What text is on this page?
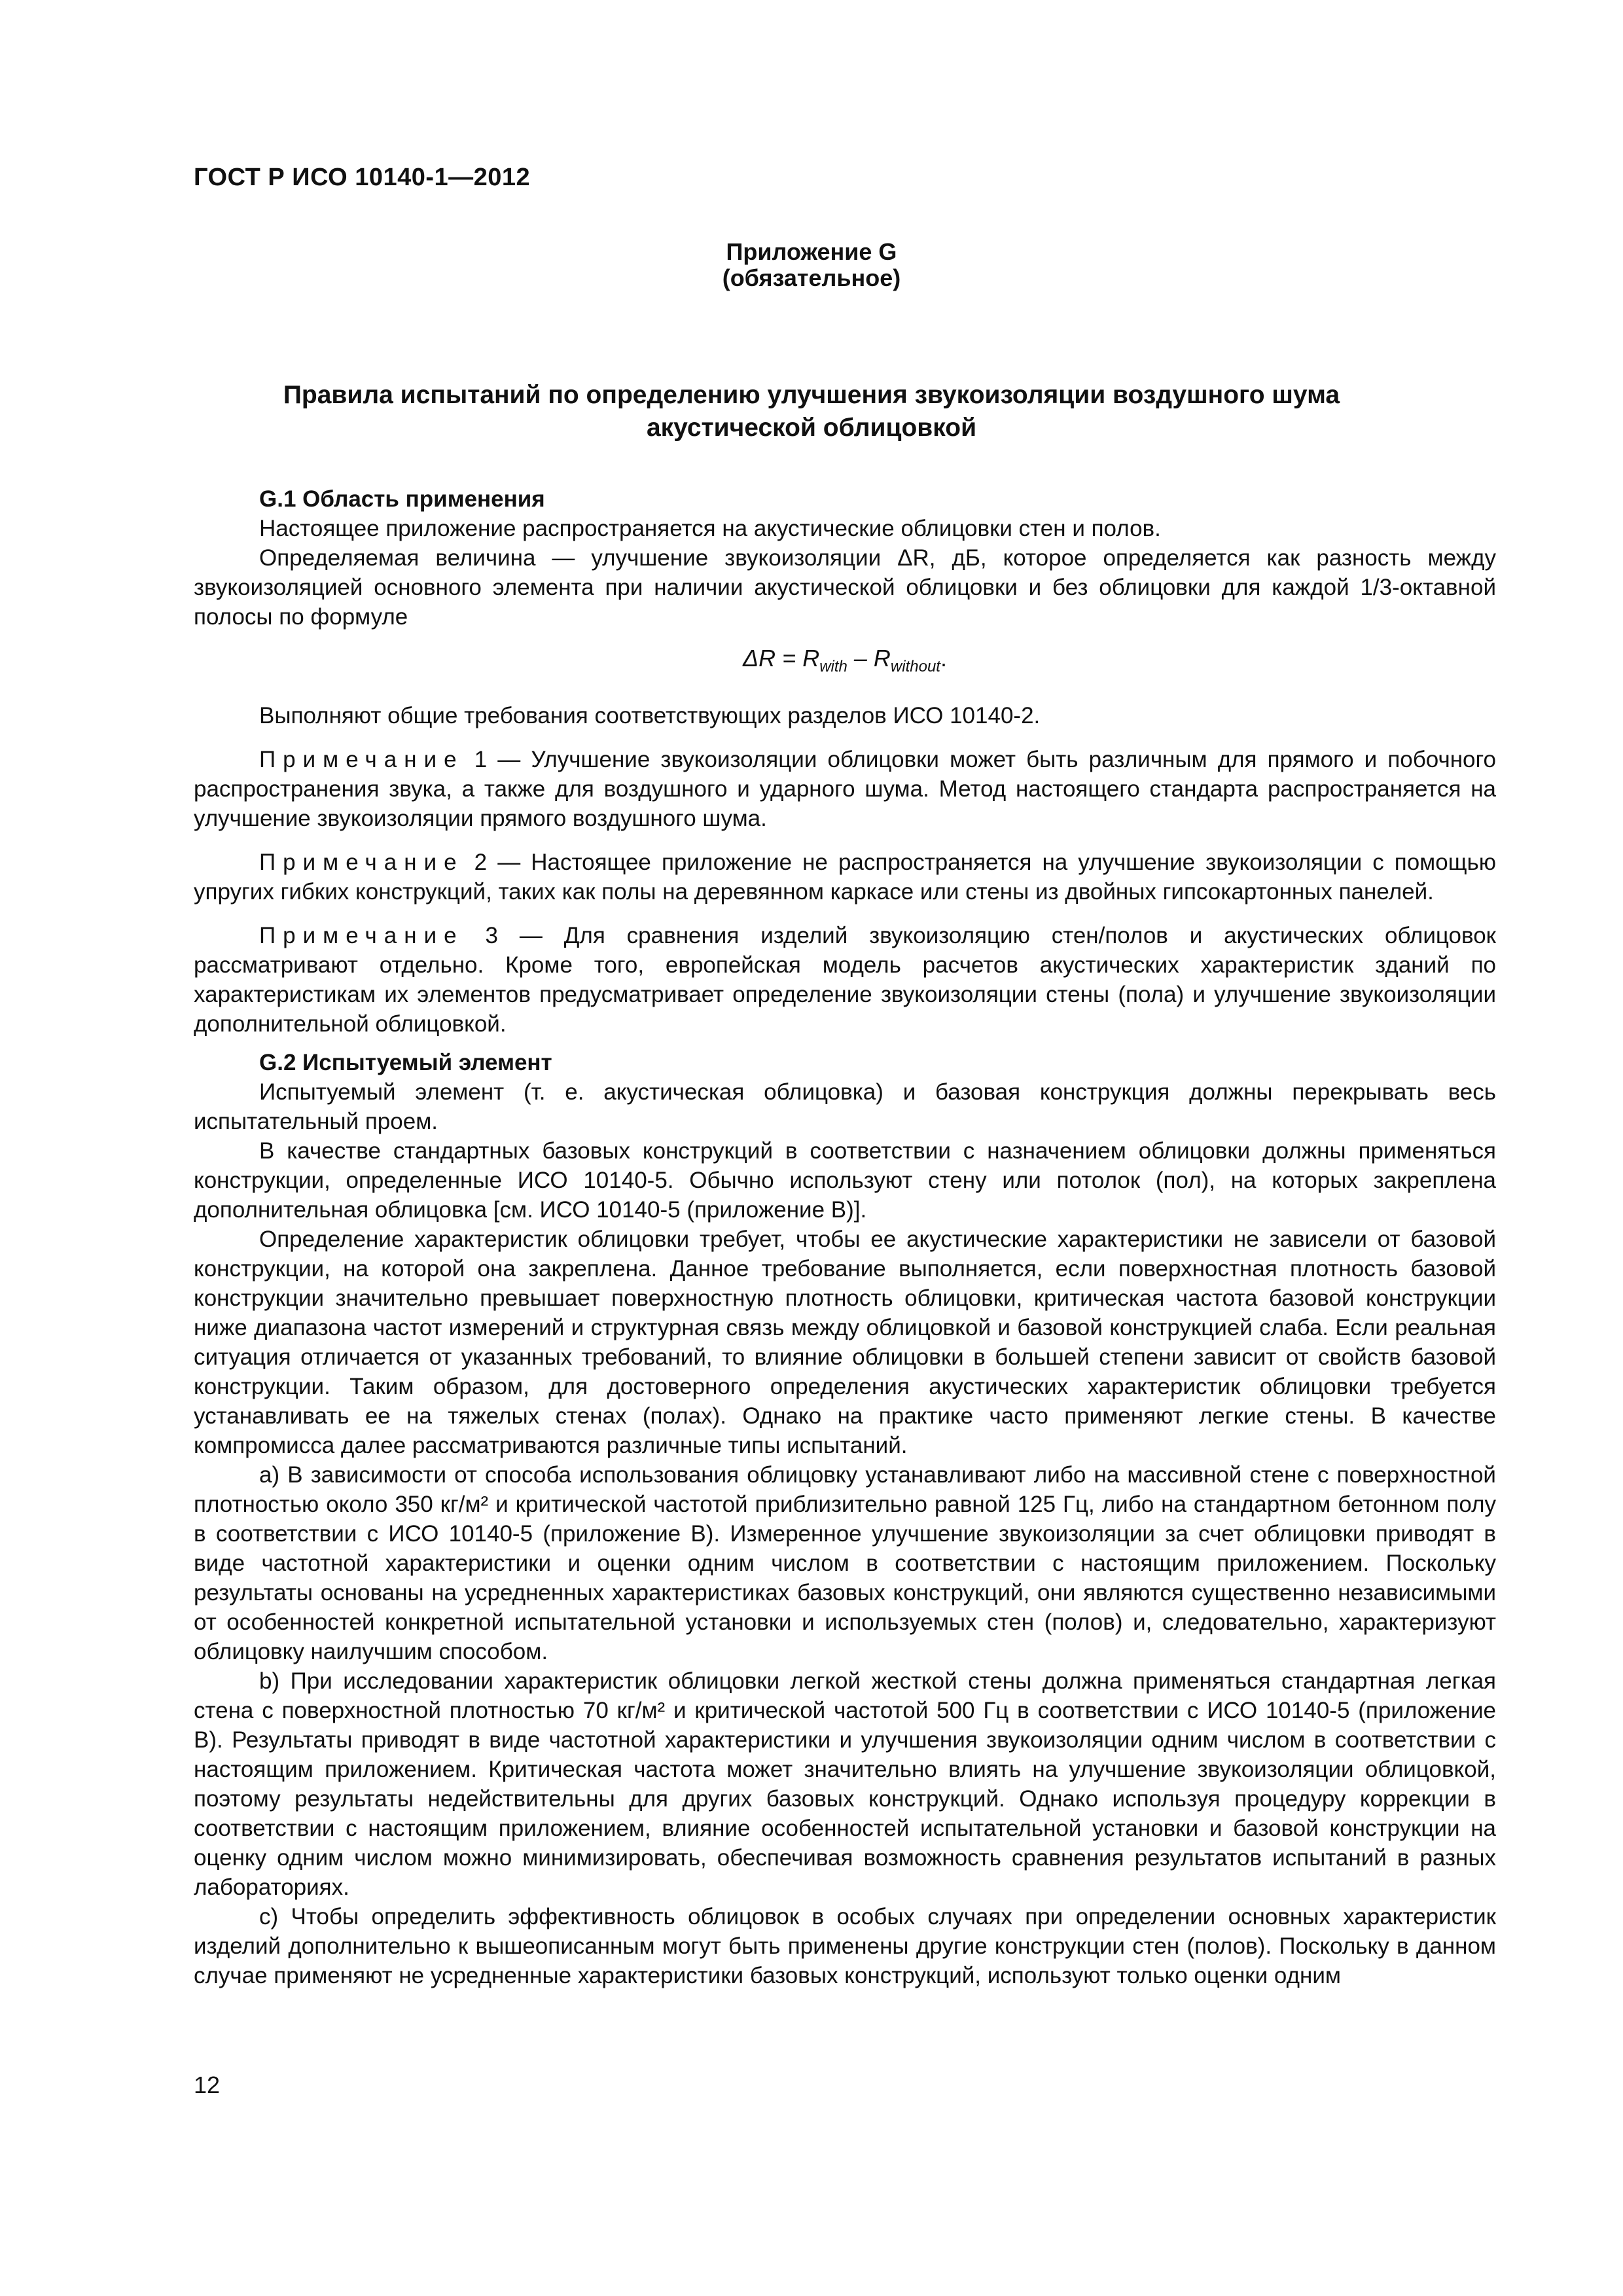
ГОСТ Р ИСО 10140-1—2012
Приложение G
(обязательное)
Правила испытаний по определению улучшения звукоизоляции воздушного шума
акустической облицовкой
G.1 Область применения

Настоящее приложение распространяется на акустические облицовки стен и полов.

Определяемая величина — улучшение звукоизоляции ΔR, дБ, которое определяется как разность между звукоизоляцией основного элемента при наличии акустической облицовки и без облицовки для каждой 1/3-октавной полосы по формуле

$\Delta R = R_{with} - R_{without}$.

Выполняют общие требования соответствующих разделов ИСО 10140-2.

Примечание 1 — Улучшение звукоизоляции облицовки может быть различным для прямого и побочного распространения звука, а также для воздушного и ударного шума. Метод настоящего стандарта распространяется на улучшение звукоизоляции прямого воздушного шума.

Примечание 2 — Настоящее приложение не распространяется на улучшение звукоизоляции с помощью упругих гибких конструкций, таких как полы на деревянном каркасе или стены из двойных гипсокартонных панелей.

Примечание 3 — Для сравнения изделий звукоизоляцию стен/полов и акустических облицовок рассматривают отдельно. Кроме того, европейская модель расчетов акустических характеристик зданий по характеристикам их элементов предусматривает определение звукоизоляции стены (пола) и улучшение звукоизоляции дополнительной облицовкой.

G.2 Испытуемый элемент

Испытуемый элемент (т. е. акустическая облицовка) и базовая конструкция должны перекрывать весь испытательный проем.

В качестве стандартных базовых конструкций в соответствии с назначением облицовки должны применяться конструкции, определенные ИСО 10140-5. Обычно используют стену или потолок (пол), на которых закреплена дополнительная облицовка [см. ИСО 10140-5 (приложение В)].

Определение характеристик облицовки требует, чтобы ее акустические характеристики не зависели от базовой конструкции, на которой она закреплена. Данное требование выполняется, если поверхностная плотность базовой конструкции значительно превышает поверхностную плотность облицовки, критическая частота базовой конструкции ниже диапазона частот измерений и структурная связь между облицовкой и базовой конструкцией слаба. Если реальная ситуация отличается от указанных требований, то влияние облицовки в большей степени зависит от свойств базовой конструкции. Таким образом, для достоверного определения акустических характеристик облицовки требуется устанавливать ее на тяжелых стенах (полах). Однако на практике часто применяют легкие стены. В качестве компромисса далее рассматриваются различные типы испытаний.

а) В зависимости от способа использования облицовку устанавливают либо на массивной стене с поверхностной плотностью около 350 кг/м² и критической частотой приблизительно равной 125 Гц, либо на стандартном бетонном полу в соответствии с ИСО 10140-5 (приложение В). Измеренное улучшение звукоизоляции за счет облицовки приводят в виде частотной характеристики и оценки одним числом в соответствии с настоящим приложением. Поскольку результаты основаны на усредненных характеристиках базовых конструкций, они являются существенно независимыми от особенностей конкретной испытательной установки и используемых стен (полов) и, следовательно, характеризуют облицовку наилучшим способом.

b) При исследовании характеристик облицовки легкой жесткой стены должна применяться стандартная легкая стена с поверхностной плотностью 70 кг/м² и критической частотой 500 Гц в соответствии с ИСО 10140-5 (приложение В). Результаты приводят в виде частотной характеристики и улучшения звукоизоляции одним числом в соответствии с настоящим приложением. Критическая частота может значительно влиять на улучшение звукоизоляции облицовкой, поэтому результаты недействительны для других базовых конструкций. Однако используя процедуру коррекции в соответствии с настоящим приложением, влияние особенностей испытательной установки и базовой конструкции на оценку одним числом можно минимизировать, обеспечивая возможность сравнения результатов испытаний в разных лабораториях.

с) Чтобы определить эффективность облицовок в особых случаях при определении основных характеристик изделий дополнительно к вышеописанным могут быть применены другие конструкции стен (полов). Поскольку в данном случае применяют не усредненные характеристики базовых конструкций, используют только оценки одним

12
